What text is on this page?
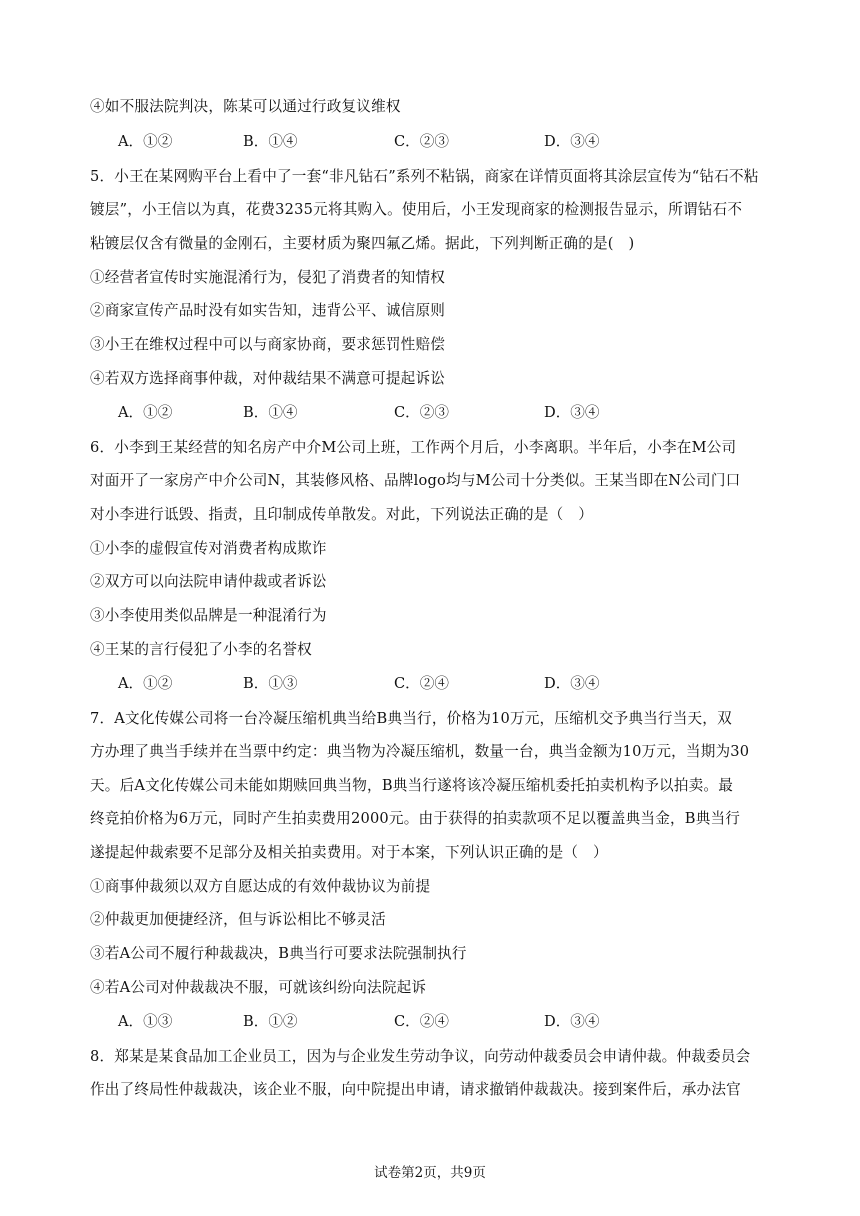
④如不服法院判决，陈某可以通过行政复议维权
A．①②	B．①④	C．②③	D．③④
5．小王在某网购平台上看中了一套“非凡钻石”系列不粘锅，商家在详情页面将其涂层宣传为“钻石不粘
镀层”，小王信以为真，花费3235元将其购入。使用后，小王发现商家的检测报告显示，所谓钻石不
粘镀层仅含有微量的金刚石，主要材质为聚四氟乙烯。据此，下列判断正确的是(　)
①经营者宣传时实施混淆行为，侵犯了消费者的知情权
②商家宣传产品时没有如实告知，违背公平、诚信原则
③小王在维权过程中可以与商家协商，要求惩罚性赔偿
④若双方选择商事仲裁，对仲裁结果不满意可提起诉讼
A．①②	B．①④	C．②③	D．③④
6．小李到王某经营的知名房产中介M公司上班，工作两个月后，小李离职。半年后，小李在M公司
对面开了一家房产中介公司N，其装修风格、品牌logo均与M公司十分类似。王某当即在N公司门口
对小李进行诋毁、指责，且印制成传单散发。对此，下列说法正确的是（　）
①小李的虚假宣传对消费者构成欺诈
②双方可以向法院申请仲裁或者诉讼
③小李使用类似品牌是一种混淆行为
④王某的言行侵犯了小李的名誉权
A．①②	B．①③	C．②④	D．③④
7．A文化传媒公司将一台冷凝压缩机典当给B典当行，价格为10万元，压缩机交予典当行当天，双
方办理了典当手续并在当票中约定：典当物为冷凝压缩机，数量一台，典当金额为10万元，当期为30
天。后A文化传媒公司未能如期赎回典当物，B典当行遂将该冷凝压缩机委托拍卖机构予以拍卖。最
终竞拍价格为6万元，同时产生拍卖费用2000元。由于获得的拍卖款项不足以覆盖典当金，B典当行
遂提起仲裁索要不足部分及相关拍卖费用。对于本案，下列认识正确的是（　）
①商事仲裁须以双方自愿达成的有效仲裁协议为前提
②仲裁更加便捷经济，但与诉讼相比不够灵活
③若A公司不履行种裁裁决，B典当行可要求法院强制执行
④若A公司对仲裁裁决不服，可就该纠纷向法院起诉
A．①③	B．①②	C．②④	D．③④
8．郑某是某食品加工企业员工，因为与企业发生劳动争议，向劳动仲裁委员会申请仲裁。仲裁委员会
作出了终局性仲裁裁决，该企业不服，向中院提出申请，请求撤销仲裁裁决。接到案件后，承办法官
试卷第2页，共9页
